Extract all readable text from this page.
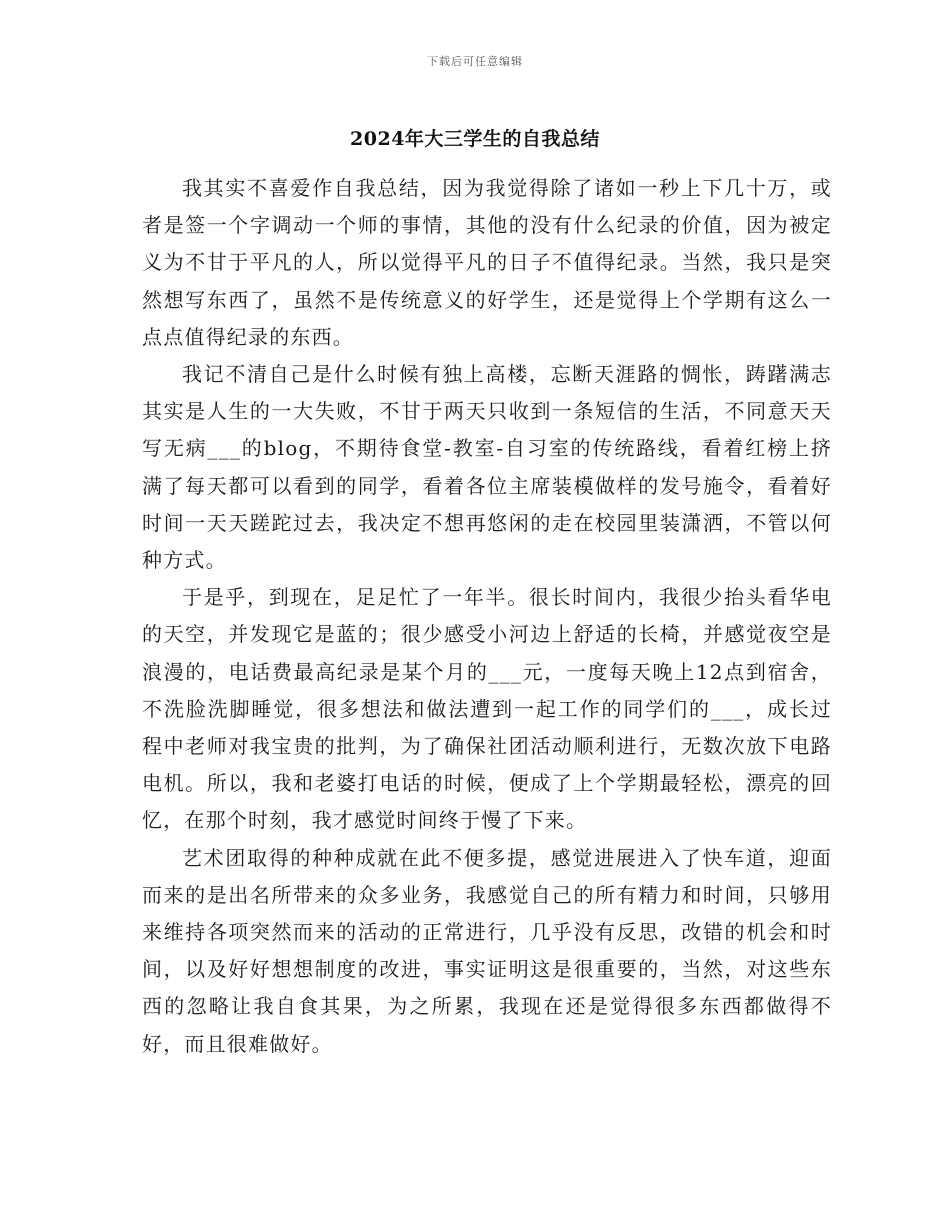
下载后可任意编辑
2024年大三学生的自我总结

我其实不喜爱作自我总结，因为我觉得除了诸如一秒上下几十万，或者是签一个字调动一个师的事情，其他的没有什么纪录的价值，因为被定义为不甘于平凡的人，所以觉得平凡的日子不值得纪录。当然，我只是突然想写东西了，虽然不是传统意义的好学生，还是觉得上个学期有这么一点点值得纪录的东西。

我记不清自己是什么时候有独上高楼，忘断天涯路的惆怅，踌躇满志其实是人生的一大失败，不甘于两天只收到一条短信的生活，不同意天天写无病___的blog，不期待食堂-教室-自习室的传统路线，看着红榜上挤满了每天都可以看到的同学，看着各位主席装模做样的发号施令，看着好时间一天天蹉跎过去，我决定不想再悠闲的走在校园里装潇洒，不管以何种方式。

于是乎，到现在，足足忙了一年半。很长时间内，我很少抬头看华电的天空，并发现它是蓝的；很少感受小河边上舒适的长椅，并感觉夜空是浪漫的，电话费最高纪录是某个月的___元，一度每天晚上12点到宿舍，不洗脸洗脚睡觉，很多想法和做法遭到一起工作的同学们的___，成长过程中老师对我宝贵的批判，为了确保社团活动顺利进行，无数次放下电路电机。所以，我和老婆打电话的时候，便成了上个学期最轻松，漂亮的回忆，在那个时刻，我才感觉时间终于慢了下来。

艺术团取得的种种成就在此不便多提，感觉进展进入了快车道，迎面而来的是出名所带来的众多业务，我感觉自己的所有精力和时间，只够用来维持各项突然而来的活动的正常进行，几乎没有反思，改错的机会和时间，以及好好想想制度的改进，事实证明这是很重要的，当然，对这些东西的忽略让我自食其果，为之所累，我现在还是觉得很多东西都做得不好，而且很难做好。
